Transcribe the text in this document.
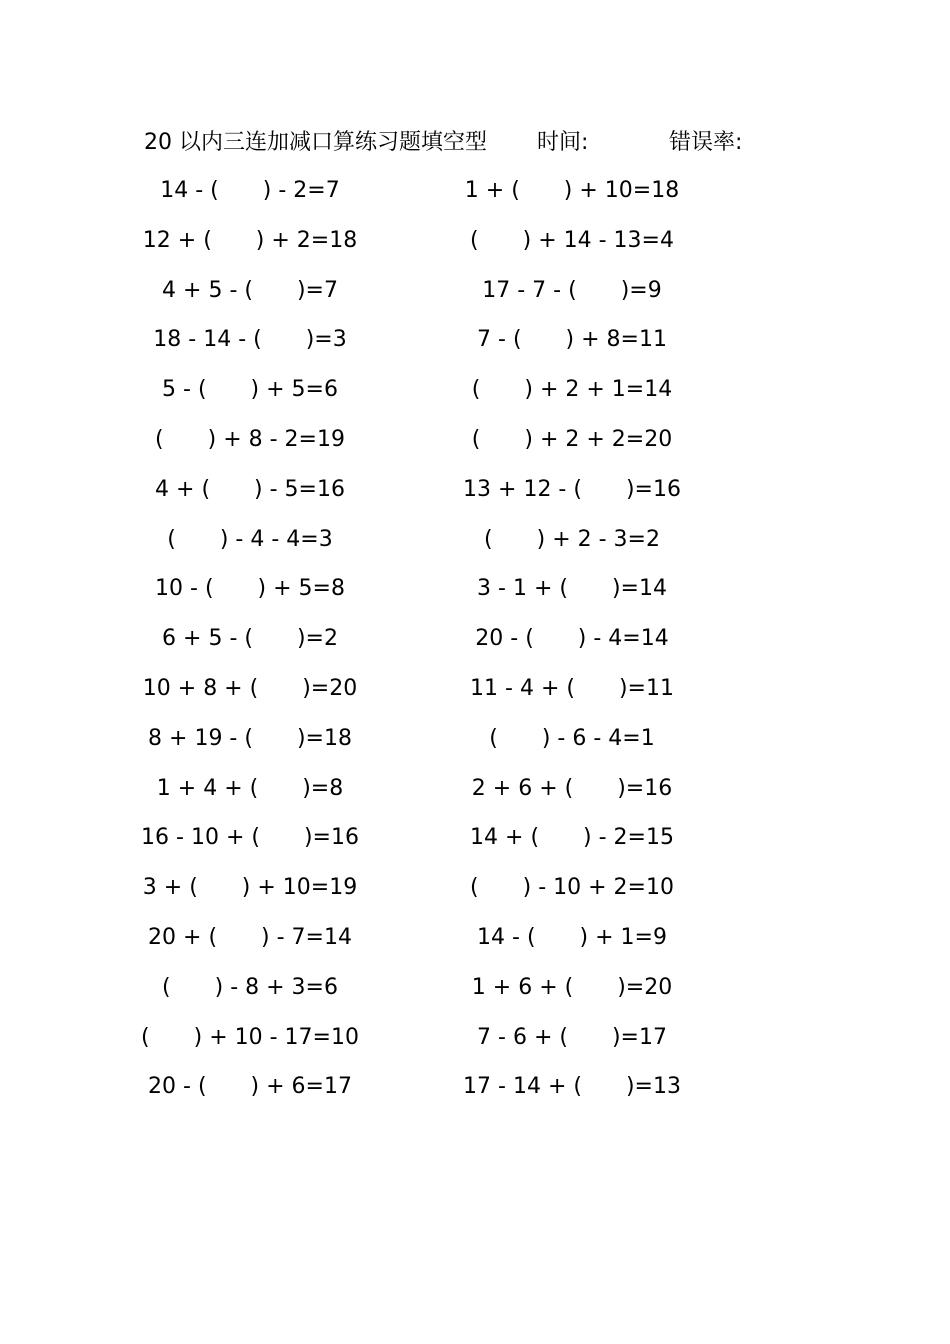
20 以内三连加减口算练习题填空型 时间:	错误率:

14 - (　　) - 2=7

	1 + (　　) + 10=18

12 + (　　) + 2=18

	(　　) + 14 - 13=4

4 + 5 - (　　)=7

	17 - 7 - (　　)=9

18 - 14 - (　　)=3

	7 - (　　) + 8=11

5 - (　　) + 5=6

	(　　) + 2 + 1=14

(　　) + 8 - 2=19

	(　　) + 2 + 2=20

4 + (　　) - 5=16

	13 + 12 - (　　)=16

(　　) - 4 - 4=3

	(　　) + 2 - 3=2

10 - (　　) + 5=8

	3 - 1 + (　　)=14

6 + 5 - (　　)=2

	20 - (　　) - 4=14

10 + 8 + (　　)=20

	11 - 4 + (　　)=11

8 + 19 - (　　)=18

	(　　) - 6 - 4=1

1 + 4 + (　　)=8

	2 + 6 + (　　)=16

16 - 10 + (　　)=16

	14 + (　　) - 2=15

3 + (　　) + 10=19

	(　　) - 10 + 2=10

20 + (　　) - 7=14

	14 - (　　) + 1=9

(　　) - 8 + 3=6

	1 + 6 + (　　)=20

(　　) + 10 - 17=10

	7 - 6 + (　　)=17

20 - (　　) + 6=17

	17 - 14 + (　　)=13
